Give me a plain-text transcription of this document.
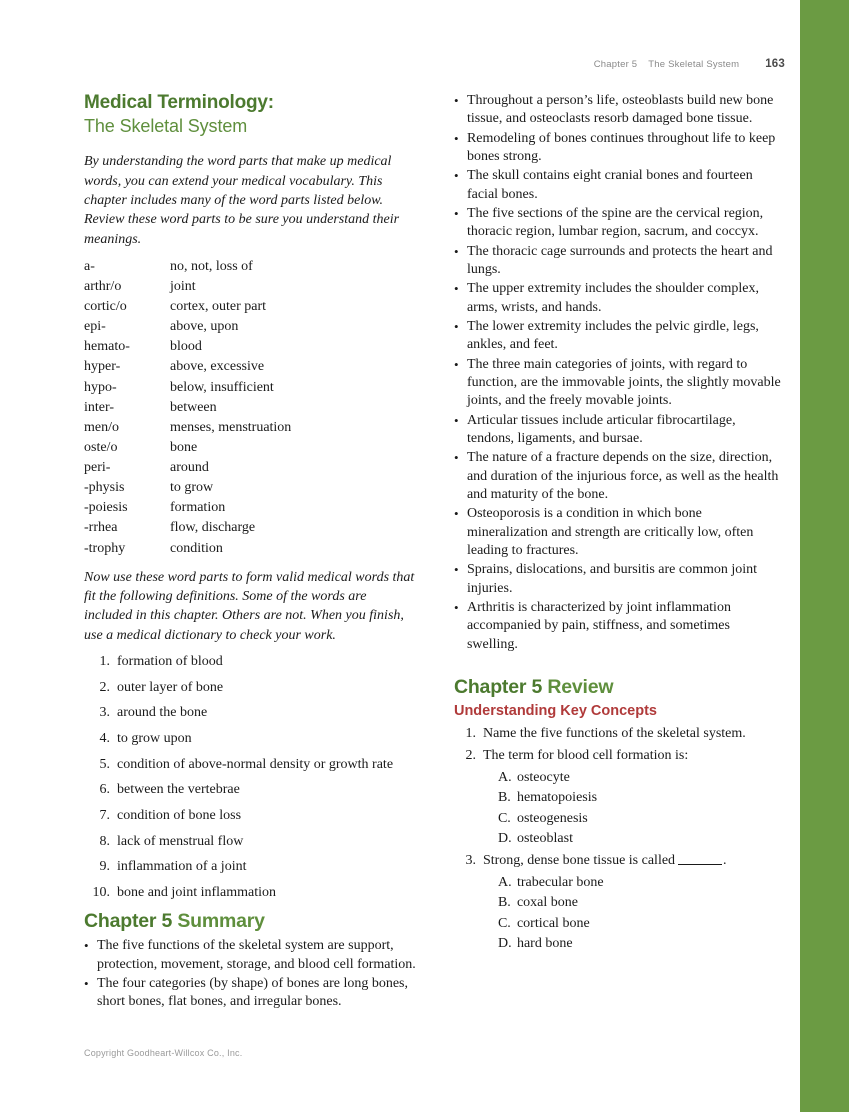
Chapter 5 The Skeletal System 163
Medical Terminology:
The Skeletal System

By understanding the word parts that make up medical words, you can extend your medical vocabulary. This chapter includes many of the word parts listed below. Review these word parts to be sure you understand their meanings.

a-	no, not, loss of
arthr/o	joint
cortic/o	cortex, outer part
epi-	above, upon
hemato-	blood
hyper-	above, excessive
hypo-	below, insufficient
inter-	between
men/o	menses, menstruation
oste/o	bone
peri-	around
-physis	to grow
-poiesis	formation
-rrhea	flow, discharge
-trophy	condition

Now use these word parts to form valid medical words that fit the following definitions. Some of the words are included in this chapter. Others are not. When you finish, use a medical dictionary to check your work.

1. formation of blood
2. outer layer of bone
3. around the bone
4. to grow upon
5. condition of above-normal density or growth rate
6. between the vertebrae
7. condition of bone loss
8. lack of menstrual flow
9. inflammation of a joint
10. bone and joint inflammation
Chapter 5 Summary
• The five functions of the skeletal system are support, protection, movement, storage, and blood cell formation.
• The four categories (by shape) of bones are long bones, short bones, flat bones, and irregular bones.
• Throughout a person’s life, osteoblasts build new bone tissue, and osteoclasts resorb damaged bone tissue.
• Remodeling of bones continues throughout life to keep bones strong.
• The skull contains eight cranial bones and fourteen facial bones.
• The five sections of the spine are the cervical region, thoracic region, lumbar region, sacrum, and coccyx.
• The thoracic cage surrounds and protects the heart and lungs.
• The upper extremity includes the shoulder complex, arms, wrists, and hands.
• The lower extremity includes the pelvic girdle, legs, ankles, and feet.
• The three main categories of joints, with regard to function, are the immovable joints, the slightly movable joints, and the freely movable joints.
• Articular tissues include articular fibrocartilage, tendons, ligaments, and bursae.
• The nature of a fracture depends on the size, direction, and duration of the injurious force, as well as the health and maturity of the bone.
• Osteoporosis is a condition in which bone mineralization and strength are critically low, often leading to fractures.
• Sprains, dislocations, and bursitis are common joint injuries.
• Arthritis is characterized by joint inflammation accompanied by pain, stiffness, and sometimes swelling.
Chapter 5 Review
Understanding Key Concepts
1. Name the five functions of the skeletal system.
2. The term for blood cell formation is:
A. osteocyte
B. hematopoiesis
C. osteogenesis
D. osteoblast
3. Strong, dense bone tissue is called	.
A. trabecular bone
B. coxal bone
C. cortical bone
D. hard bone
Copyright Goodheart-Willcox Co., Inc.
